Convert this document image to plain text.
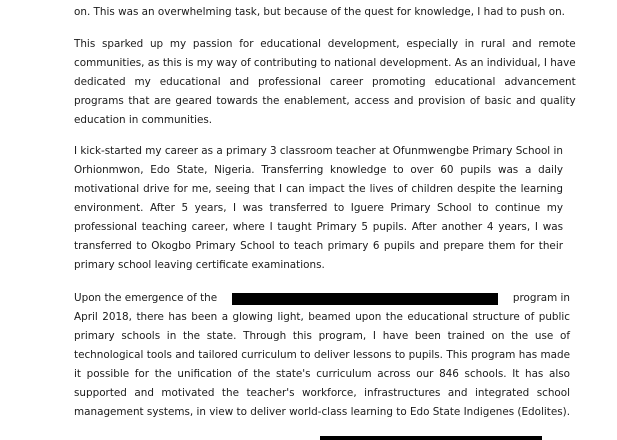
on. This was an overwhelming task, but because of the quest for knowledge, I had to push on.
This sparked up my passion for educational development, especially in rural and remote
communities, as this is my way of contributing to national development. As an individual, I have
dedicated my educational and professional career promoting educational advancement
programs that are geared towards the enablement, access and provision of basic and quality
education in communities.
I kick-started my career as a primary 3 classroom teacher at Ofunmwengbe Primary School in
Orhionmwon, Edo State, Nigeria. Transferring knowledge to over 60 pupils was a daily
motivational drive for me, seeing that I can impact the lives of children despite the learning
environment. After 5 years, I was transferred to Iguere Primary School to continue my
professional teaching career, where I taught Primary 5 pupils. After another 4 years, I was
transferred to Okogbo Primary School to teach primary 6 pupils and prepare them for their
primary school leaving certificate examinations.
Upon the emergence of the	program in
April 2018, there has been a glowing light, beamed upon the educational structure of public
primary schools in the state. Through this program, I have been trained on the use of
technological tools and tailored curriculum to deliver lessons to pupils. This program has made
it possible for the unification of the state's curriculum across our 846 schools. It has also
supported and motivated the teacher's workforce, infrastructures and integrated school
management systems, in view to deliver world-class learning to Edo State Indigenes (Edolites).
